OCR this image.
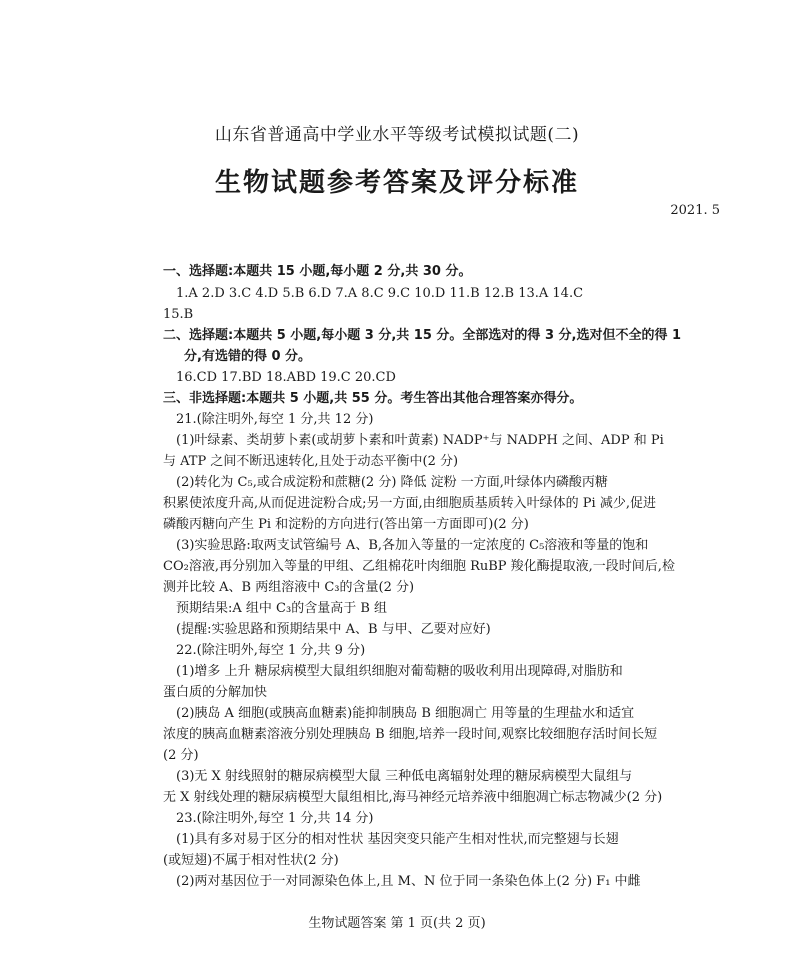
山东省普通高中学业水平等级考试模拟试题(二)
生物试题参考答案及评分标准
2021. 5
一、选择题:本题共 15 小题,每小题 2 分,共 30 分。
1.A 2.D 3.C 4.D 5.B 6.D 7.A 8.C 9.C 10.D 11.B 12.B 13.A 14.C
15.B
二、选择题:本题共 5 小题,每小题 3 分,共 15 分。全部选对的得 3 分,选对但不全的得 1
分,有选错的得 0 分。
16.CD 17.BD 18.ABD 19.C 20.CD
三、非选择题:本题共 5 小题,共 55 分。考生答出其他合理答案亦得分。
21.(除注明外,每空 1 分,共 12 分)
(1)叶绿素、类胡萝卜素(或胡萝卜素和叶黄素) NADP⁺与 NADPH 之间、ADP 和 Pi
与 ATP 之间不断迅速转化,且处于动态平衡中(2 分)
(2)转化为 C₅,或合成淀粉和蔗糖(2 分) 降低 淀粉 一方面,叶绿体内磷酸丙糖
积累使浓度升高,从而促进淀粉合成;另一方面,由细胞质基质转入叶绿体的 Pi 减少,促进
磷酸丙糖向产生 Pi 和淀粉的方向进行(答出第一方面即可)(2 分)
(3)实验思路:取两支试管编号 A、B,各加入等量的一定浓度的 C₅溶液和等量的饱和
CO₂溶液,再分别加入等量的甲组、乙组棉花叶肉细胞 RuBP 羧化酶提取液,一段时间后,检
测并比较 A、B 两组溶液中 C₃的含量(2 分)
预期结果:A 组中 C₃的含量高于 B 组
(提醒:实验思路和预期结果中 A、B 与甲、乙要对应好)
22.(除注明外,每空 1 分,共 9 分)
(1)增多 上升 糖尿病模型大鼠组织细胞对葡萄糖的吸收利用出现障碍,对脂肪和
蛋白质的分解加快
(2)胰岛 A 细胞(或胰高血糖素)能抑制胰岛 B 细胞凋亡 用等量的生理盐水和适宜
浓度的胰高血糖素溶液分别处理胰岛 B 细胞,培养一段时间,观察比较细胞存活时间长短
(2 分)
(3)无 X 射线照射的糖尿病模型大鼠 三种低电离辐射处理的糖尿病模型大鼠组与
无 X 射线处理的糖尿病模型大鼠组相比,海马神经元培养液中细胞凋亡标志物减少(2 分)
23.(除注明外,每空 1 分,共 14 分)
(1)具有多对易于区分的相对性状 基因突变只能产生相对性状,而完整翅与长翅
(或短翅)不属于相对性状(2 分)
(2)两对基因位于一对同源染色体上,且 M、N 位于同一条染色体上(2 分) F₁ 中雌
生物试题答案 第 1 页(共 2 页)
